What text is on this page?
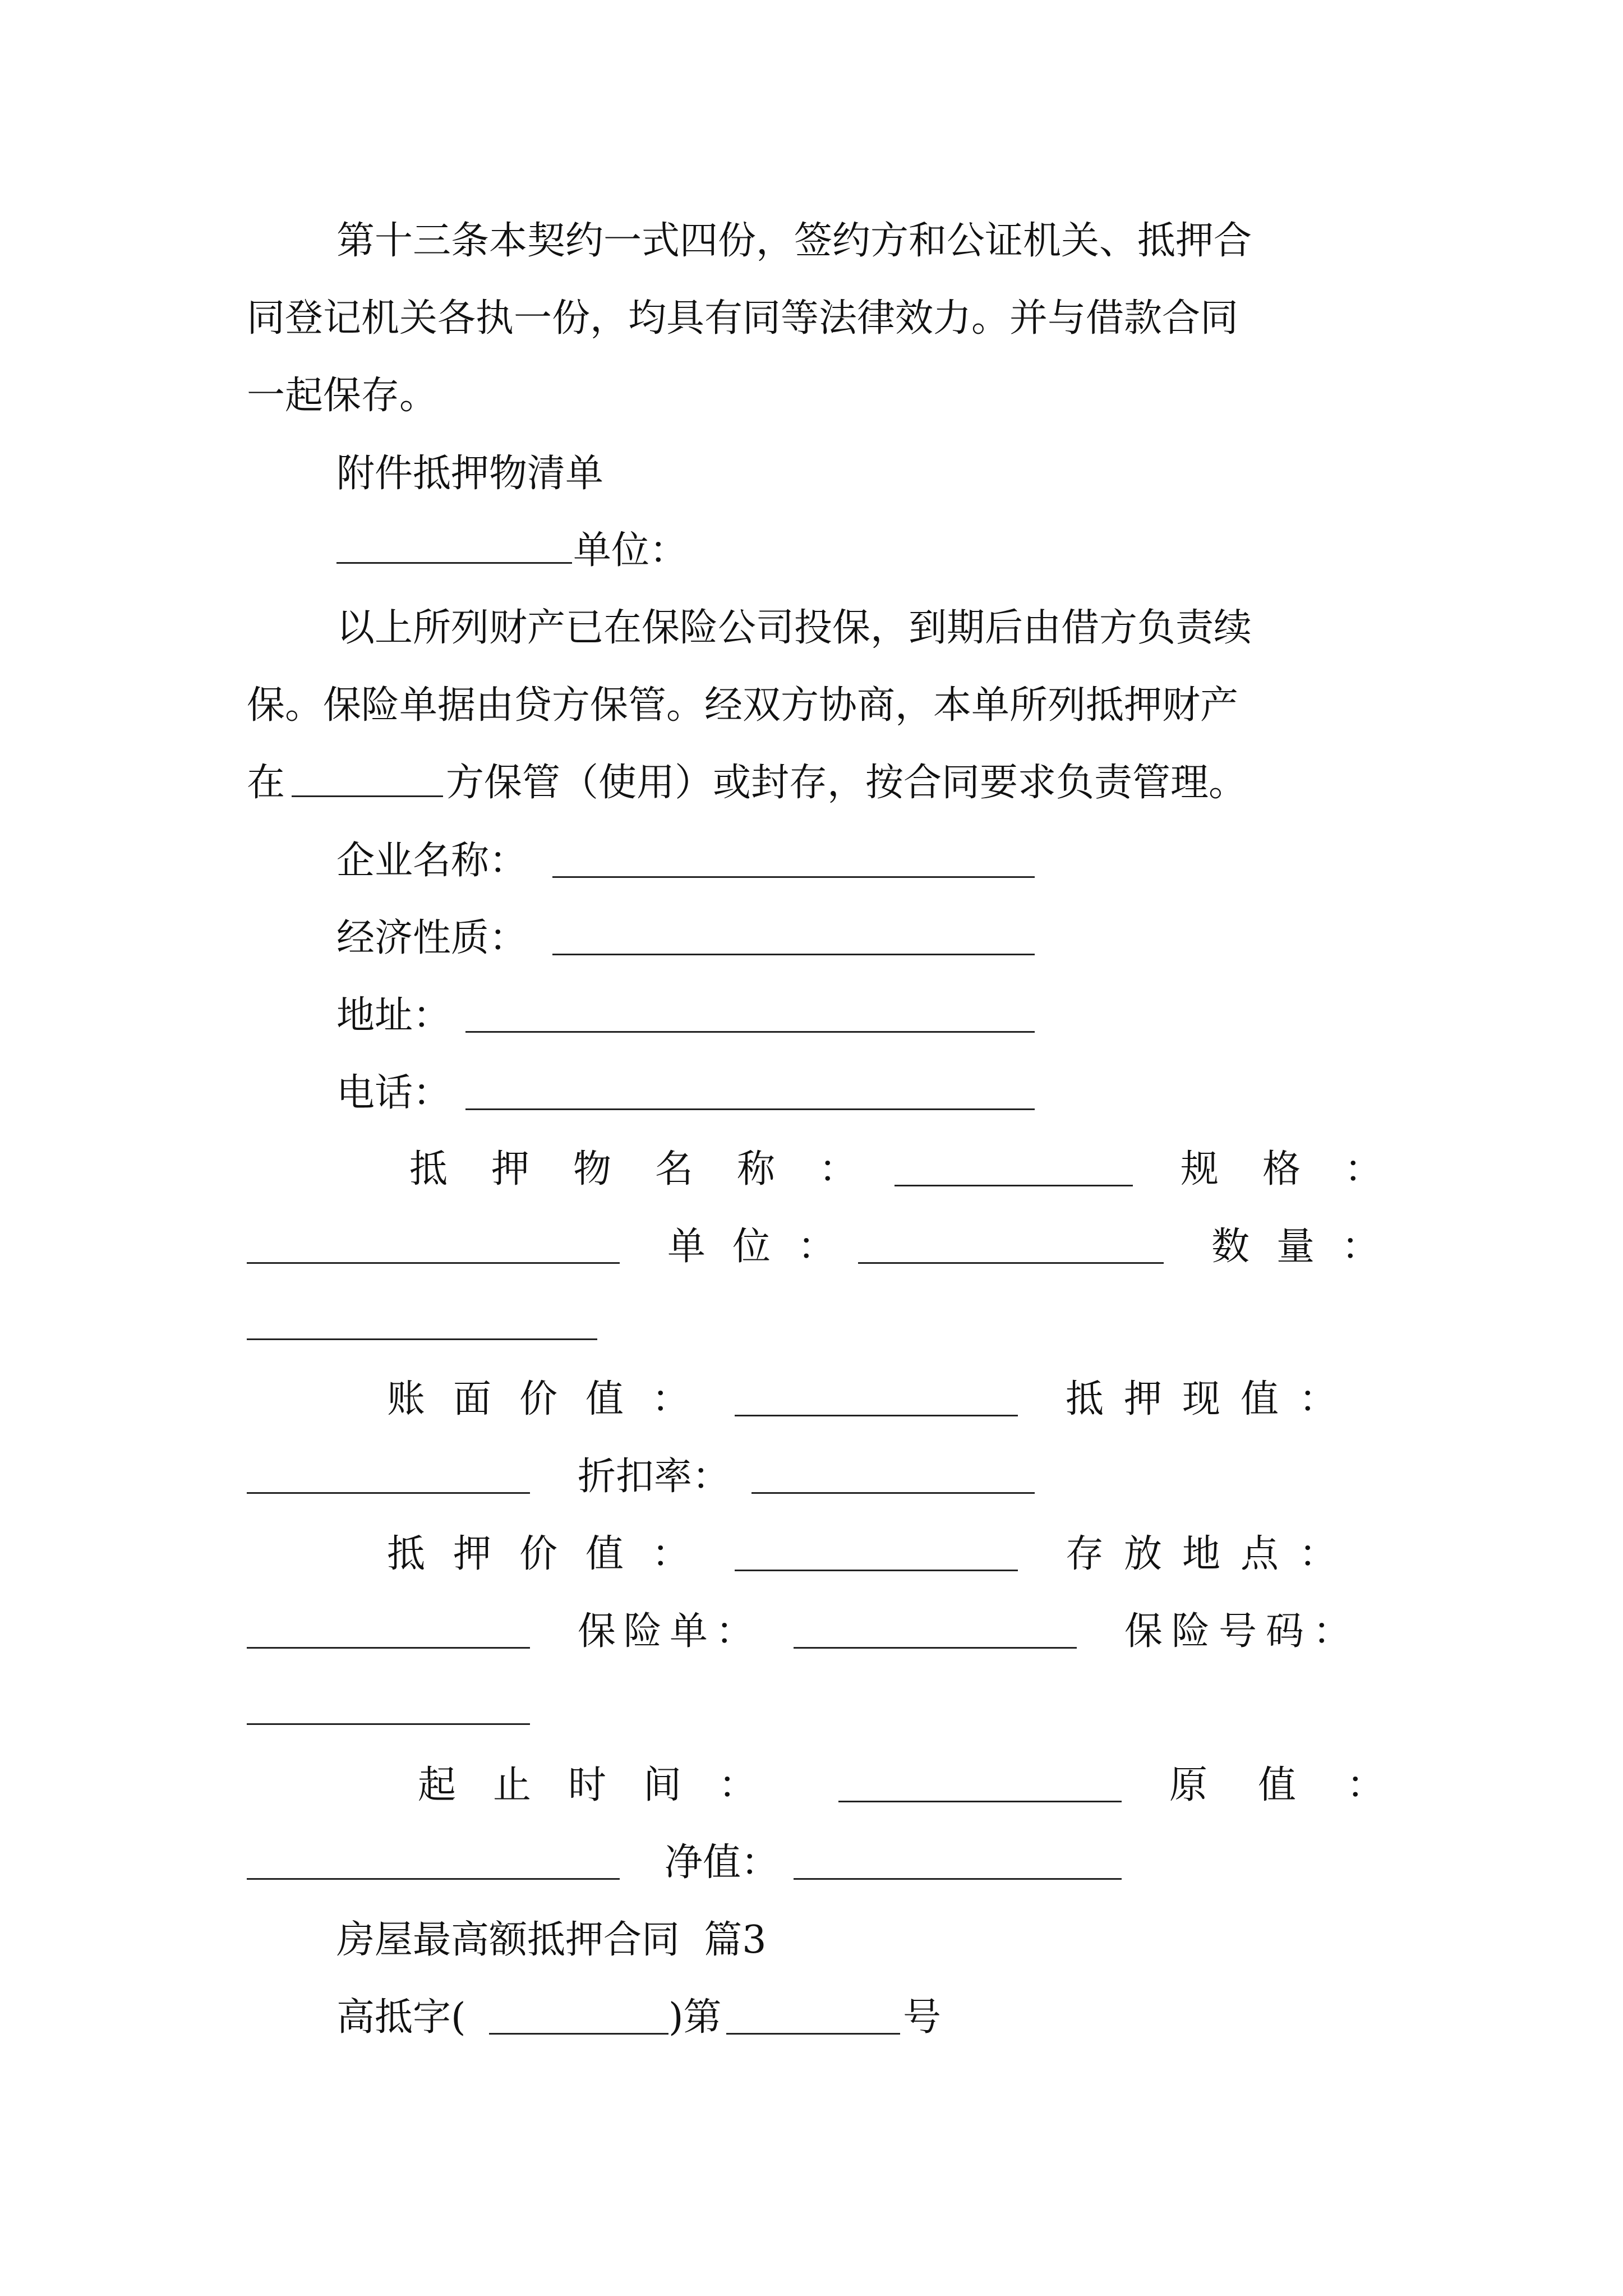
第十三条本契约一式四份，签约方和公证机关、抵押合
同登记机关各执一份，均具有同等法律效力。并与借款合同
一起保存。
附件抵押物清单
单位：
以上所列财产已在保险公司投保，到期后由借方负责续
保。保险单据由贷方保管。经双方协商，本单所列抵押财产
在	方保管（使用）或封存，按合同要求负责管理。
企业名称：
经济性质：
地址：
电话：
抵押物名称：	规格：
单位：	数量：
账面价值：	抵押现值：
折扣率：
抵押价值：	存放地点：
保险单：	保险号码：
起止时间：	原值：
净值：
房屋最高额抵押合同  篇3
高抵字(	)第	号
